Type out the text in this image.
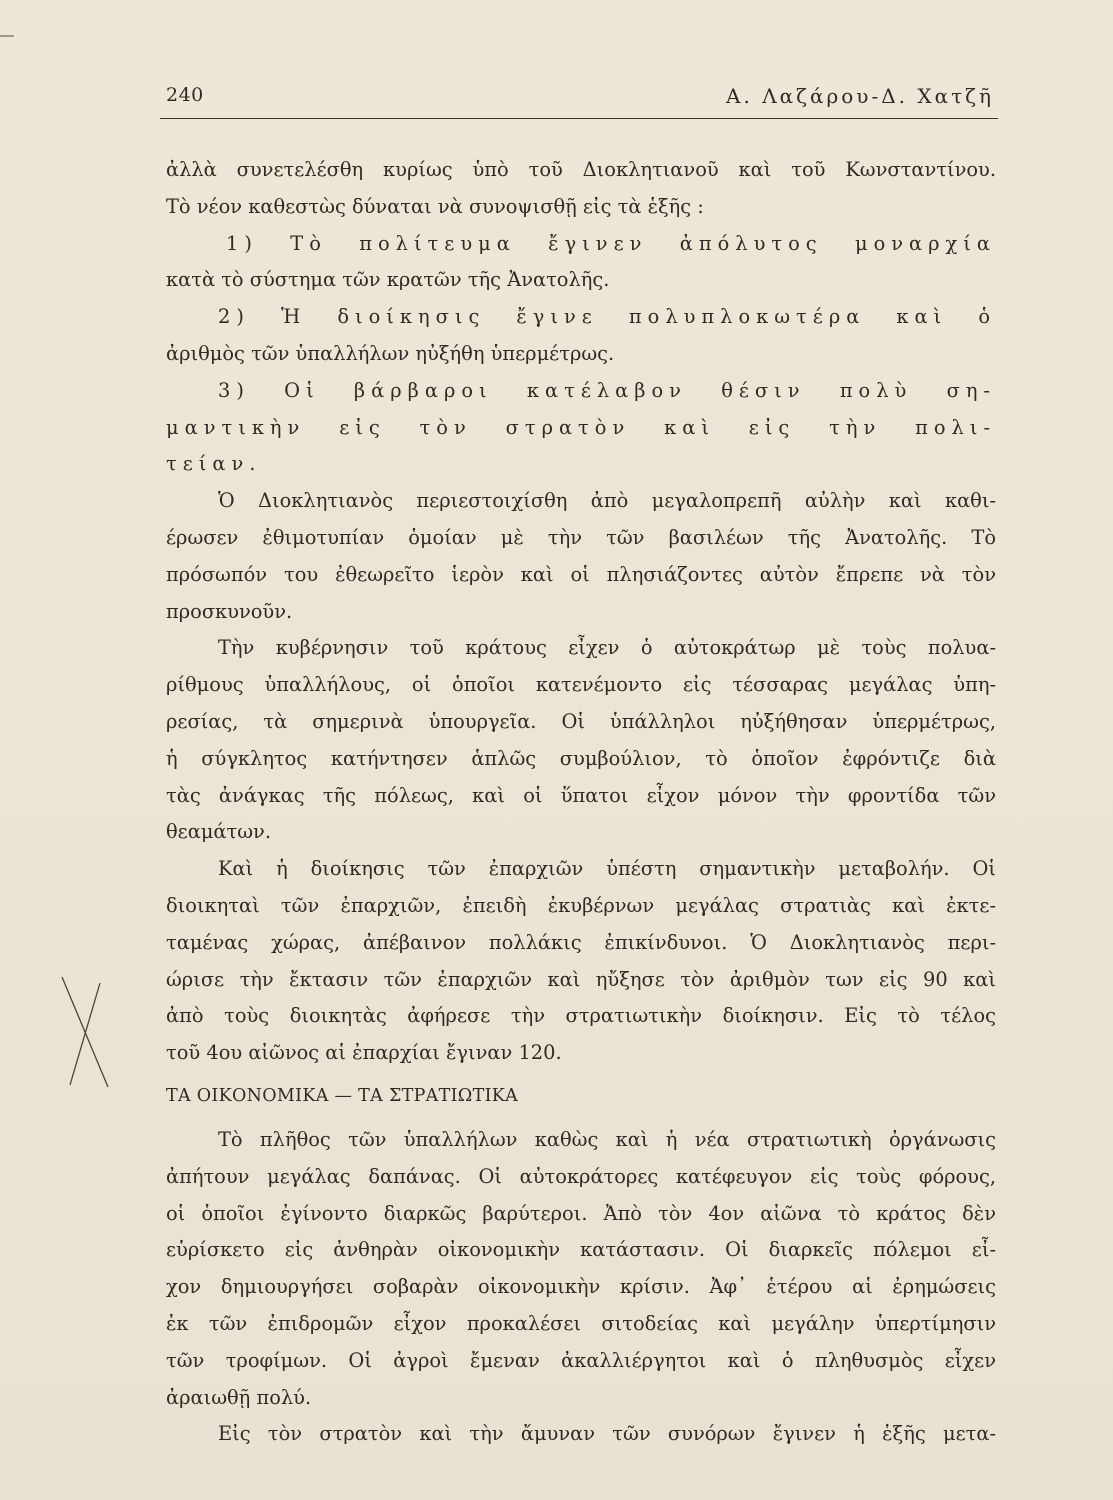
240	Α. Λαζάρου-Δ. Χατζῆ
ἀλλὰ συνετελέσθη κυρίως ὑπὸ τοῦ Διοκλητιανοῦ καὶ τοῦ Κωνσταντίνου.
Τὸ νέον καθεστὼς δύναται νὰ συνοψισθῇ εἰς τὰ ἑξῆς :
1) Τὸ πολίτευμα ἔγινεν ἀπόλυτος μοναρχία
κατὰ τὸ σύστημα τῶν κρατῶν τῆς Ἀνατολῆς.
2) Ἡ διοίκησις ἔγινε πολυπλοκωτέρα καὶ ὁ
ἀριθμὸς τῶν ὑπαλλήλων ηὐξήθη ὑπερμέτρως.
3) Οἱ βάρβαροι κατέλαβον θέσιν πολὺ ση-
μαντικὴν εἰς τὸν στρατὸν καὶ εἰς τὴν πολι-
τείαν.
Ὁ Διοκλητιανὸς περιεστοιχίσθη ἀπὸ μεγαλοπρεπῆ αὐλὴν καὶ καθι-
έρωσεν ἐθιμοτυπίαν ὁμοίαν μὲ τὴν τῶν βασιλέων τῆς Ἀνατολῆς. Τὸ
πρόσωπόν του ἐθεωρεῖτο ἱερὸν καὶ οἱ πλησιάζοντες αὐτὸν ἔπρεπε νὰ τὸν
προσκυνοῦν.
Τὴν κυβέρνησιν τοῦ κράτους εἶχεν ὁ αὐτοκράτωρ μὲ τοὺς πολυα-
ρίθμους ὑπαλλήλους, οἱ ὁποῖοι κατενέμοντο εἰς τέσσαρας μεγάλας ὑπη-
ρεσίας, τὰ σημερινὰ ὑπουργεῖα. Οἱ ὑπάλληλοι ηὐξήθησαν ὑπερμέτρως,
ἡ σύγκλητος κατήντησεν ἁπλῶς συμβούλιον, τὸ ὁποῖον ἐφρόντιζε διὰ
τὰς ἀνάγκας τῆς πόλεως, καὶ οἱ ὕπατοι εἶχον μόνον τὴν φροντίδα τῶν
θεαμάτων.
Καὶ ἡ διοίκησις τῶν ἐπαρχιῶν ὑπέστη σημαντικὴν μεταβολήν. Οἱ
διοικηταὶ τῶν ἐπαρχιῶν, ἐπειδὴ ἐκυβέρνων μεγάλας στρατιὰς καὶ ἐκτε-
ταμένας χώρας, ἀπέβαινον πολλάκις ἐπικίνδυνοι. Ὁ Διοκλητιανὸς περι-
ώρισε τὴν ἔκτασιν τῶν ἐπαρχιῶν καὶ ηὔξησε τὸν ἀριθμὸν των εἰς 90 καὶ
ἀπὸ τοὺς διοικητὰς ἀφήρεσε τὴν στρατιωτικὴν διοίκησιν. Εἰς τὸ τέλος
τοῦ 4ου αἰῶνος αἱ ἐπαρχίαι ἔγιναν 120.
ΤΑ ΟΙΚΟΝΟΜΙΚΑ — ΤΑ ΣΤΡΑΤΙΩΤΙΚΑ
Τὸ πλῆθος τῶν ὑπαλλήλων καθὼς καὶ ἡ νέα στρατιωτικὴ ὀργάνωσις
ἀπήτουν μεγάλας δαπάνας. Οἱ αὐτοκράτορες κατέφευγον εἰς τοὺς φόρους,
οἱ ὁποῖοι ἐγίνοντο διαρκῶς βαρύτεροι. Ἀπὸ τὸν 4ον αἰῶνα τὸ κράτος δὲν
εὑρίσκετο εἰς ἀνθηρὰν οἰκονομικὴν κατάστασιν. Οἱ διαρκεῖς πόλεμοι εἶ-
χον δημιουργήσει σοβαρὰν οἰκονομικὴν κρίσιν. Ἀφ᾿ ἑτέρου αἱ ἐρημώσεις
ἐκ τῶν ἐπιδρομῶν εἶχον προκαλέσει σιτοδείας καὶ μεγάλην ὑπερτίμησιν
τῶν τροφίμων. Οἱ ἀγροὶ ἔμεναν ἀκαλλιέργητοι καὶ ὁ πληθυσμὸς εἶχεν
ἀραιωθῇ πολύ.
Εἰς τὸν στρατὸν καὶ τὴν ἄμυναν τῶν συνόρων ἔγινεν ἡ ἑξῆς μετα-
